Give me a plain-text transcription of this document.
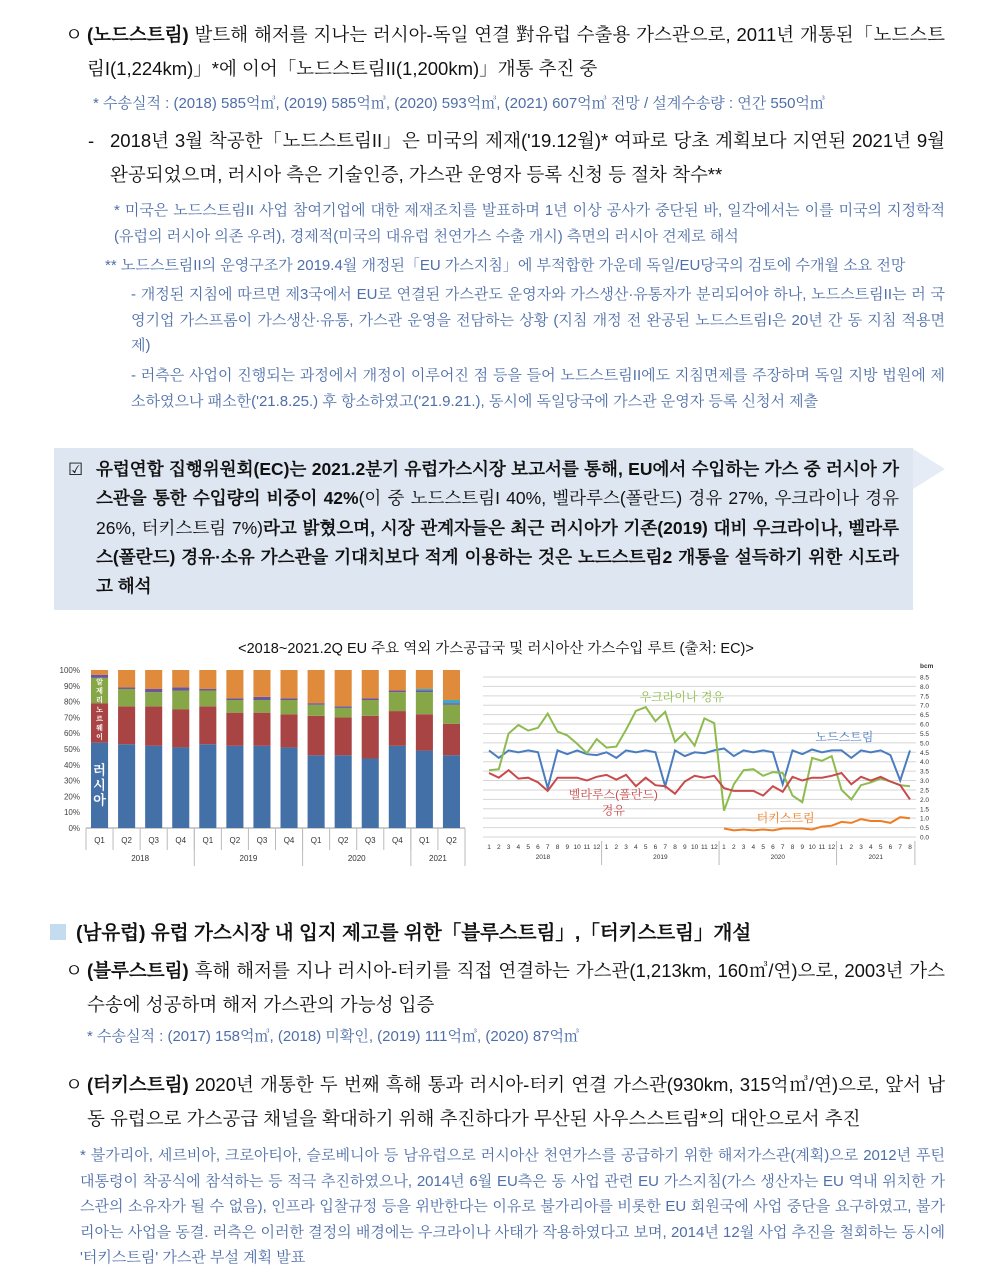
ㅇ (노드스트림) 발트해 해저를 지나는 러시아-독일 연결 對유럽 수출용 가스관으로, 2011년 개통된「노드스트림I(1,224km)」*에 이어「노드스트림II(1,200km)」개통 추진 중
* 수송실적 : (2018) 585억㎥, (2019) 585억㎥, (2020) 593억㎥, (2021) 607억㎥ 전망 / 설계수송량 : 연간 550억㎥
- 2018년 3월 착공한「노드스트림II」은 미국의 제재('19.12월)* 여파로 당초 계획보다 지연된 2021년 9월 완공되었으며, 러시아 측은 기술인증, 가스관 운영자 등록 신청 등 절차 착수**
* 미국은 노드스트림II 사업 참여기업에 대한 제재조치를 발표하며 1년 이상 공사가 중단된 바, 일각에서는 이를 미국의 지정학적(유럽의 러시아 의존 우려), 경제적(미국의 대유럽 천연가스 수출 개시) 측면의 러시아 견제로 해석
** 노드스트림II의 운영구조가 2019.4월 개정된「EU 가스지침」에 부적합한 가운데 독일/EU당국의 검토에 수개월 소요 전망
- 개정된 지침에 따르면 제3국에서 EU로 연결된 가스관도 운영자와 가스생산·유통자가 분리되어야 하나, 노드스트림II는 러 국영기업 가스프롬이 가스생산·유통, 가스관 운영을 전담하는 상황 (지침 개정 전 완공된 노드스트림I은 20년 간 동 지침 적용면제)
- 러측은 사업이 진행되는 과정에서 개정이 이루어진 점 등을 들어 노드스트림II에도 지침면제를 주장하며 독일 지방 법원에 제소하였으나 패소한('21.8.25.) 후 항소하였고('21.9.21.), 동시에 독일당국에 가스관 운영자 등록 신청서 제출
☑ 유럽연합 집행위원회(EC)는 2021.2분기 유럽가스시장 보고서를 통해, EU에서 수입하는 가스 중 러시아 가스관을 통한 수입량의 비중이 42%(이 중 노드스트림I 40%, 벨라루스(폴란드) 경유 27%, 우크라이나 경유 26%, 터키스트림 7%)라고 밝혔으며, 시장 관계자들은 최근 러시아가 기존(2019) 대비 우크라이나, 벨라루스(폴란드) 경유·소유 가스관을 기대치보다 적게 이용하는 것은 노드스트림2 개통을 설득하기 위한 시도라고 해석
<2018~2021.2Q EU 주요 역외 가스공급국 및 러시아산 가스수입 루트 (출처: EC)>
0%
10%
20%
30%
40%
50%
60%
70%
80%
90%
100%
Q1 Q2 Q3 Q4 Q1 Q2 Q3 Q4 Q1 Q2 Q3 Q4 Q1 Q2
2018	2019	2020	2021
러
시
아
노
르
웨
이
알
제
리
0.0
0.5
1.0
1.5
2.0
2.5
3.0
3.5
4.0
4.5
5.0
5.5
6.0
6.5
7.0
7.5
8.0
8.5
bcm
1 2 3 4 5 6 7 8 9 10 11 12 1 2 3 4 5 6 7 8 9 10 11 12 1 2 3 4 5 6 7 8 9 10 11 12 1 2 3 4 5 6 7 8
2018	2019	2020	2021
노드스트림
우크라이나 경유
벨라루스(폴란드)
경유
터키스트림
(남유럽) 유럽 가스시장 내 입지 제고를 위한「블루스트림」,「터키스트림」개설
ㅇ (블루스트림) 흑해 해저를 지나 러시아-터키를 직접 연결하는 가스관(1,213km, 160㎥/연)으로, 2003년 가스수송에 성공하며 해저 가스관의 가능성 입증
* 수송실적 : (2017) 158억㎥, (2018) 미확인, (2019) 111억㎥, (2020) 87억㎥
ㅇ (터키스트림) 2020년 개통한 두 번째 흑해 통과 러시아-터키 연결 가스관(930km, 315억㎥/연)으로, 앞서 남동 유럽으로 가스공급 채널을 확대하기 위해 추진하다가 무산된 사우스스트림*의 대안으로서 추진
* 불가리아, 세르비아, 크로아티아, 슬로베니아 등 남유럽으로 러시아산 천연가스를 공급하기 위한 해저가스관(계획)으로 2012년 푸틴 대통령이 착공식에 참석하는 등 적극 추진하였으나, 2014년 6월 EU측은 동 사업 관련 EU 가스지침(가스 생산자는 EU 역내 위치한 가스관의 소유자가 될 수 없음), 인프라 입찰규정 등을 위반한다는 이유로 불가리아를 비롯한 EU 회원국에 사업 중단을 요구하였고, 불가리아는 사업을 동결. 러측은 이러한 결정의 배경에는 우크라이나 사태가 작용하였다고 보며, 2014년 12월 사업 추진을 철회하는 동시에 '터키스트림' 가스관 부설 계획 발표
